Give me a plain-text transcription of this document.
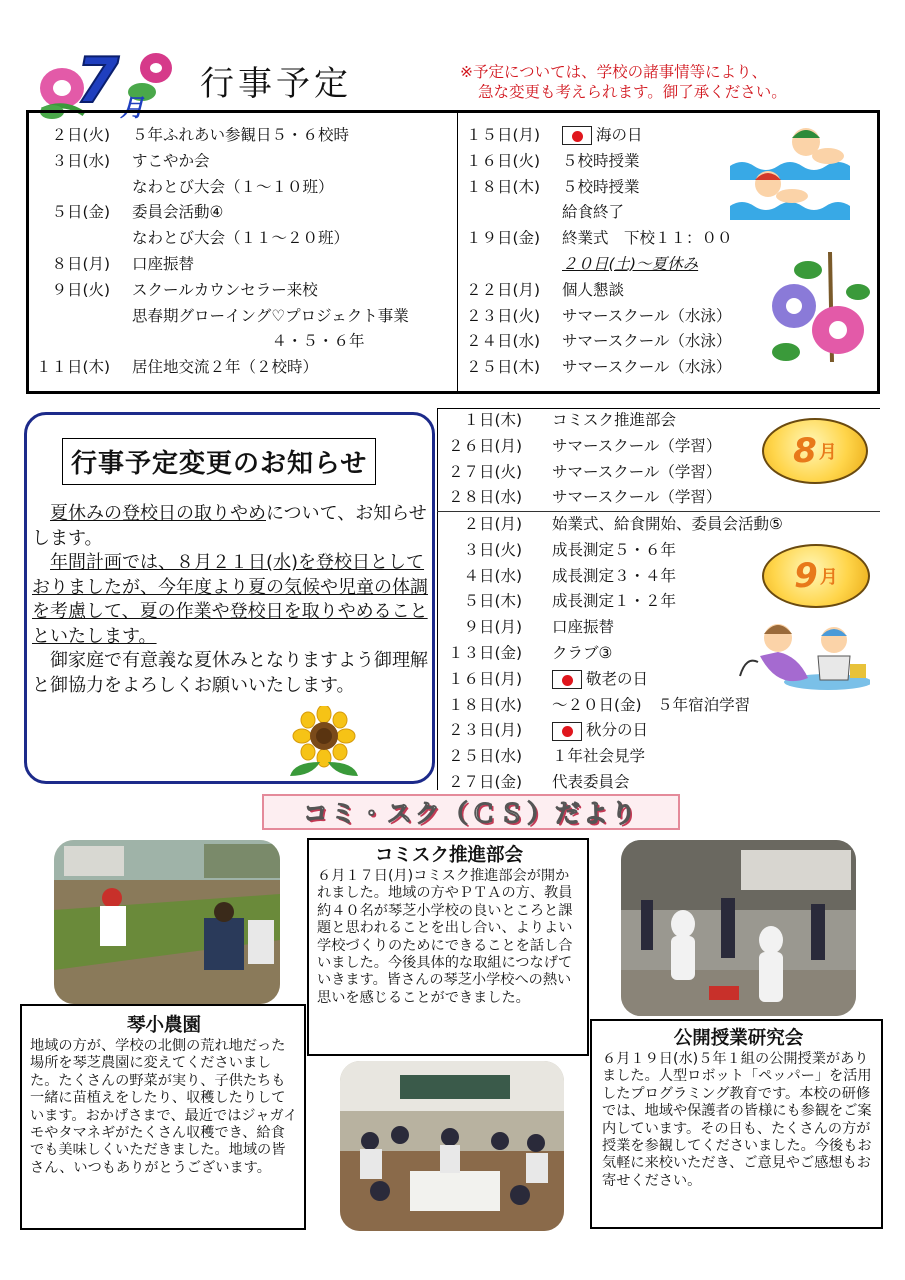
7 月
行事予定	※予定については、学校の諸事情等により、
急な変更も考えられます。御了承ください。
　２日(火)	５年ふれあい参観日５・６校時
　３日(水)	すこやか会
なわとび大会（１～１０班）
　５日(金)	委員会活動④
なわとび大会（１１～２０班）
　８日(月)	口座振替
　９日(火)	スクールカウンセラー来校
思春期グローイング♡プロジェクト事業
　　　　　　　　　４・５・６年
１１日(木)	居住地交流２年（２校時）
１５日(月)	海の日
１６日(火)	５校時授業
１８日(木)	５校時授業
給食終了
１９日(金)	終業式　下校１１：００
２０日(土)～夏休み
２２日(月)	個人懇談
２３日(火)	サマースクール（水泳）
２４日(水)	サマースクール（水泳）
２５日(木)	サマースクール（水泳）
行事予定変更のお知らせ

夏休みの登校日の取りやめについて、お知らせします。

年間計画では、８月２１日(水)を登校日としておりましたが、今年度より夏の気候や児童の体調を考慮して、夏の作業や登校日を取りやめることといたします。

御家庭で有意義な夏休みとなりますよう御理解と御協力をよろしくお願いいたします。

　１日(木)	コミスク推進部会
２６日(月)	サマースクール（学習）
２７日(火)	サマースクール（学習）
２８日(水)	サマースクール（学習）
　２日(月)	始業式、給食開始、委員会活動⑤
　３日(火)	成長測定５・６年
　４日(水)	成長測定３・４年
　５日(木)	成長測定１・２年
　９日(月)	口座振替
１３日(金)	クラブ③
１６日(月)	敬老の日
１８日(水)	～２０日(金)　５年宿泊学習
２３日(月)	秋分の日
２５日(水)	１年社会見学
２７日(金)	代表委員会
8 月
9 月
コミ・スク（ＣＳ）だより
琴小農園
地域の方が、学校の北側の荒れ地だった場所を琴芝農園に変えてくださいました。たくさんの野菜が実り、子供たちも一緒に苗植えをしたり、収穫したりしています。おかげさまで、最近ではジャガイモやタマネギがたくさん収穫でき、給食でも美味しくいただきました。地域の皆さん、いつもありがとうございます。
コミスク推進部会
６月１７日(月)コミスク推進部会が開かれました。地域の方やＰＴＡの方、教員約４０名が琴芝小学校の良いところと課題と思われることを出し合い、よりよい学校づくりのためにできることを話し合いました。今後具体的な取組につなげていきます。皆さんの琴芝小学校への熱い思いを感じることができました。
公開授業研究会
６月１９日(水)５年１組の公開授業がありました。人型ロボット「ペッパー」を活用したプログラミング教育です。本校の研修では、地域や保護者の皆様にも参観をご案内しています。その日も、たくさんの方が授業を参観してくださいました。今後もお気軽に来校いただき、ご意見やご感想もお寄せください。
